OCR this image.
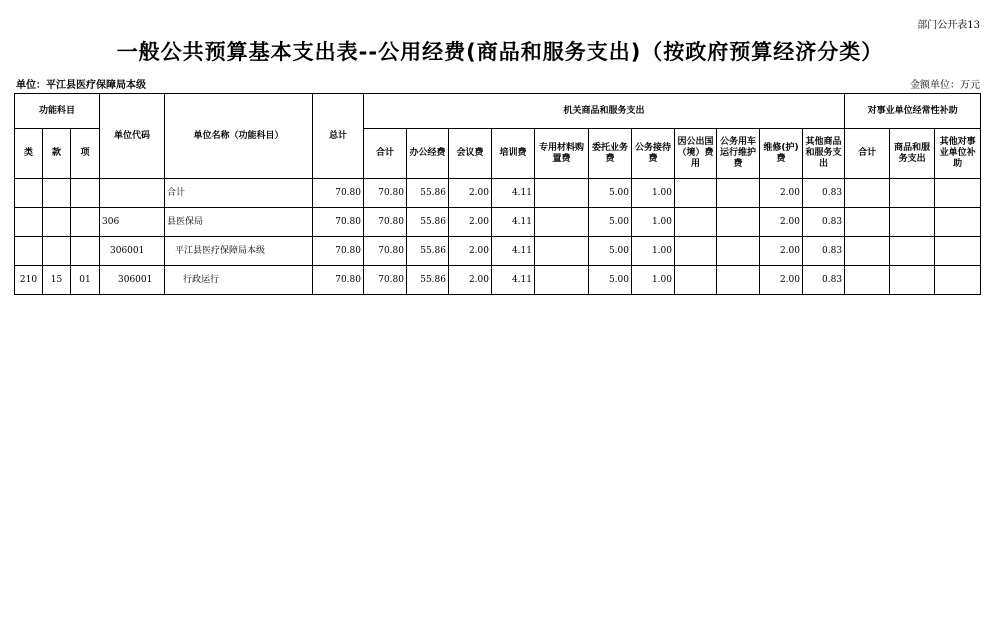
部门公开表13
一般公共预算基本支出表--公用经费(商品和服务支出)（按政府预算经济分类）
单位：平江县医疗保障局本级	金额单位：万元
功能科目			单位代码	单位名称（功能科目）	总计	机关商品和服务支出											对事业单位经常性补助		
类	款	项				合计	办公经费	会议费	培训费	专用材料购置费	委托业务费	公务接待费	因公出国（境）费用	公务用车运行维护费	维修(护)费	其他商品和服务支出	合计	商品和服务支出	其他对事业单位补助
				合计	70.80	70.80	55.86	2.00	4.11		5.00	1.00			2.00	0.83			
			306	县医保局	70.80	70.80	55.86	2.00	4.11		5.00	1.00			2.00	0.83			
			306001	平江县医疗保障局本级	70.80	70.80	55.86	2.00	4.11		5.00	1.00			2.00	0.83			
210	15	01	306001	行政运行	70.80	70.80	55.86	2.00	4.11		5.00	1.00			2.00	0.83			
